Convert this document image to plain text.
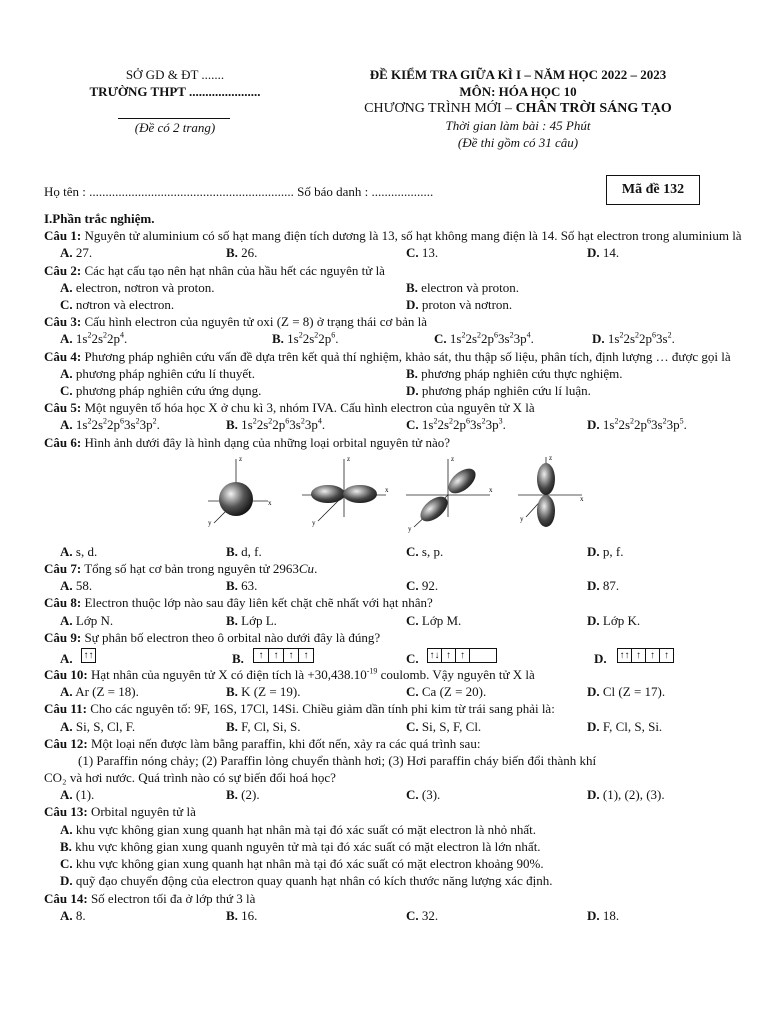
SỞ GD & ĐT .......
TRƯỜNG THPT ......................
(Đề có 2 trang)
ĐỀ KIỂM TRA GIỮA KÌ I – NĂM HỌC 2022 – 2023
MÔN: HÓA HỌC 10
CHƯƠNG TRÌNH MỚI – CHÂN TRỜI SÁNG TẠO
Thời gian làm bài : 45 Phút
(Đề thi gồm có 31 câu)
Họ tên : ............................................................... Số báo danh : ...................	Mã đề 132
I.Phần trắc nghiệm.
Câu 1: Nguyên tử aluminium có số hạt mang điện tích dương là 13, số hạt không mang điện là 14. Số hạt electron trong aluminium là
A. 27.	B. 26.	C. 13.	D. 14.
Câu 2: Các hạt cấu tạo nên hạt nhân của hầu hết các nguyên tử là
A. electron, nơtron và proton.	B. electron và proton.
C. nơtron và electron.	D. proton và nơtron.
Câu 3: Cấu hình electron của nguyên tử oxi (Z = 8) ở trạng thái cơ bản là
A. $1s^22s^22p^4$.	B. $1s^22s^22p^6$.	C. $1s^22s^22p^63s^23p^4$.	D. $1s^22s^22p^63s^2$.
Câu 4: Phương pháp nghiên cứu vấn đề dựa trên kết quả thí nghiệm, khảo sát, thu thập số liệu, phân tích, định lượng … được gọi là
A. phương pháp nghiên cứu lí thuyết.	B. phương pháp nghiên cứu thực nghiệm.
C. phương pháp nghiên cứu ứng dụng.	D. phương pháp nghiên cứu lí luận.
Câu 5: Một nguyên tố hóa học X ở chu kì 3, nhóm IVA. Cấu hình electron của nguyên tử X là
A. $1s^22s^22p^63s^23p^2$.	B. $1s^22s^22p^63s^23p^4$.	C. $1s^22s^22p^63s^23p^3$.	D. $1s^22s^22p^63s^23p^5$.
Câu 6: Hình ảnh dưới đây là hình dạng của những loại orbital nguyên tử nào?
z
x
y
z
x
y
z
x
y
z
x
y
A. s, d.	B. d, f.	C. s, p.	D. p, f.
Câu 7: Tổng số hạt cơ bản trong nguyên tử 2963Cu.
A. 58.	B. 63.	C. 92.	D. 87.
Câu 8: Electron thuộc lớp nào sau đây liên kết chặt chẽ nhất với hạt nhân?
A. Lớp N.	B. Lớp L.	C. Lớp M.	D. Lớp K.
Câu 9: Sự phân bố electron theo ô orbital nào dưới đây là đúng?
A. ↑↑	B.	↑	↑	↑	↑	C. ↑↓ ↑ ↑	D. ↑↑ ↑ ↑ ↑
Câu 10: Hạt nhân của nguyên tử X có điện tích là $+30,438.10^{-19}$ coulomb. Vậy nguyên tử X là
A. Ar (Z = 18).	B. K (Z = 19).	C. Ca (Z = 20).	D. Cl (Z = 17).
Câu 11: Cho các nguyên tố: 9F, 16S, 17Cl, 14Si. Chiều giảm dần tính phi kim từ trái sang phải là:
A. Si, S, Cl, F.	B. F, Cl, Si, S.	C. Si, S, F, Cl.	D. F, Cl, S, Si.
Câu 12: Một loại nến được làm bằng paraffin, khi đốt nến, xảy ra các quá trình sau:
(1) Paraffin nóng chảy; (2) Paraffin lỏng chuyển thành hơi; (3) Hơi paraffin cháy biến đổi thành khí
CO₂ và hơi nước. Quá trình nào có sự biến đổi hoá học?
A. (1).	B. (2).	C. (3).	D. (1), (2), (3).
Câu 13: Orbital nguyên tử là
A. khu vực không gian xung quanh hạt nhân mà tại đó xác suất có mặt electron là nhỏ nhất.
B. khu vực không gian xung quanh nguyên tử mà tại đó xác suất có mặt electron là lớn nhất.
C. khu vực không gian xung quanh hạt nhân mà tại đó xác suất có mặt electron khoảng 90%.
D. quỹ đạo chuyển động của electron quay quanh hạt nhân có kích thước năng lượng xác định.
Câu 14: Số electron tối đa ở lớp thứ 3 là
A. 8.	B. 16.	C. 32.	D. 18.
